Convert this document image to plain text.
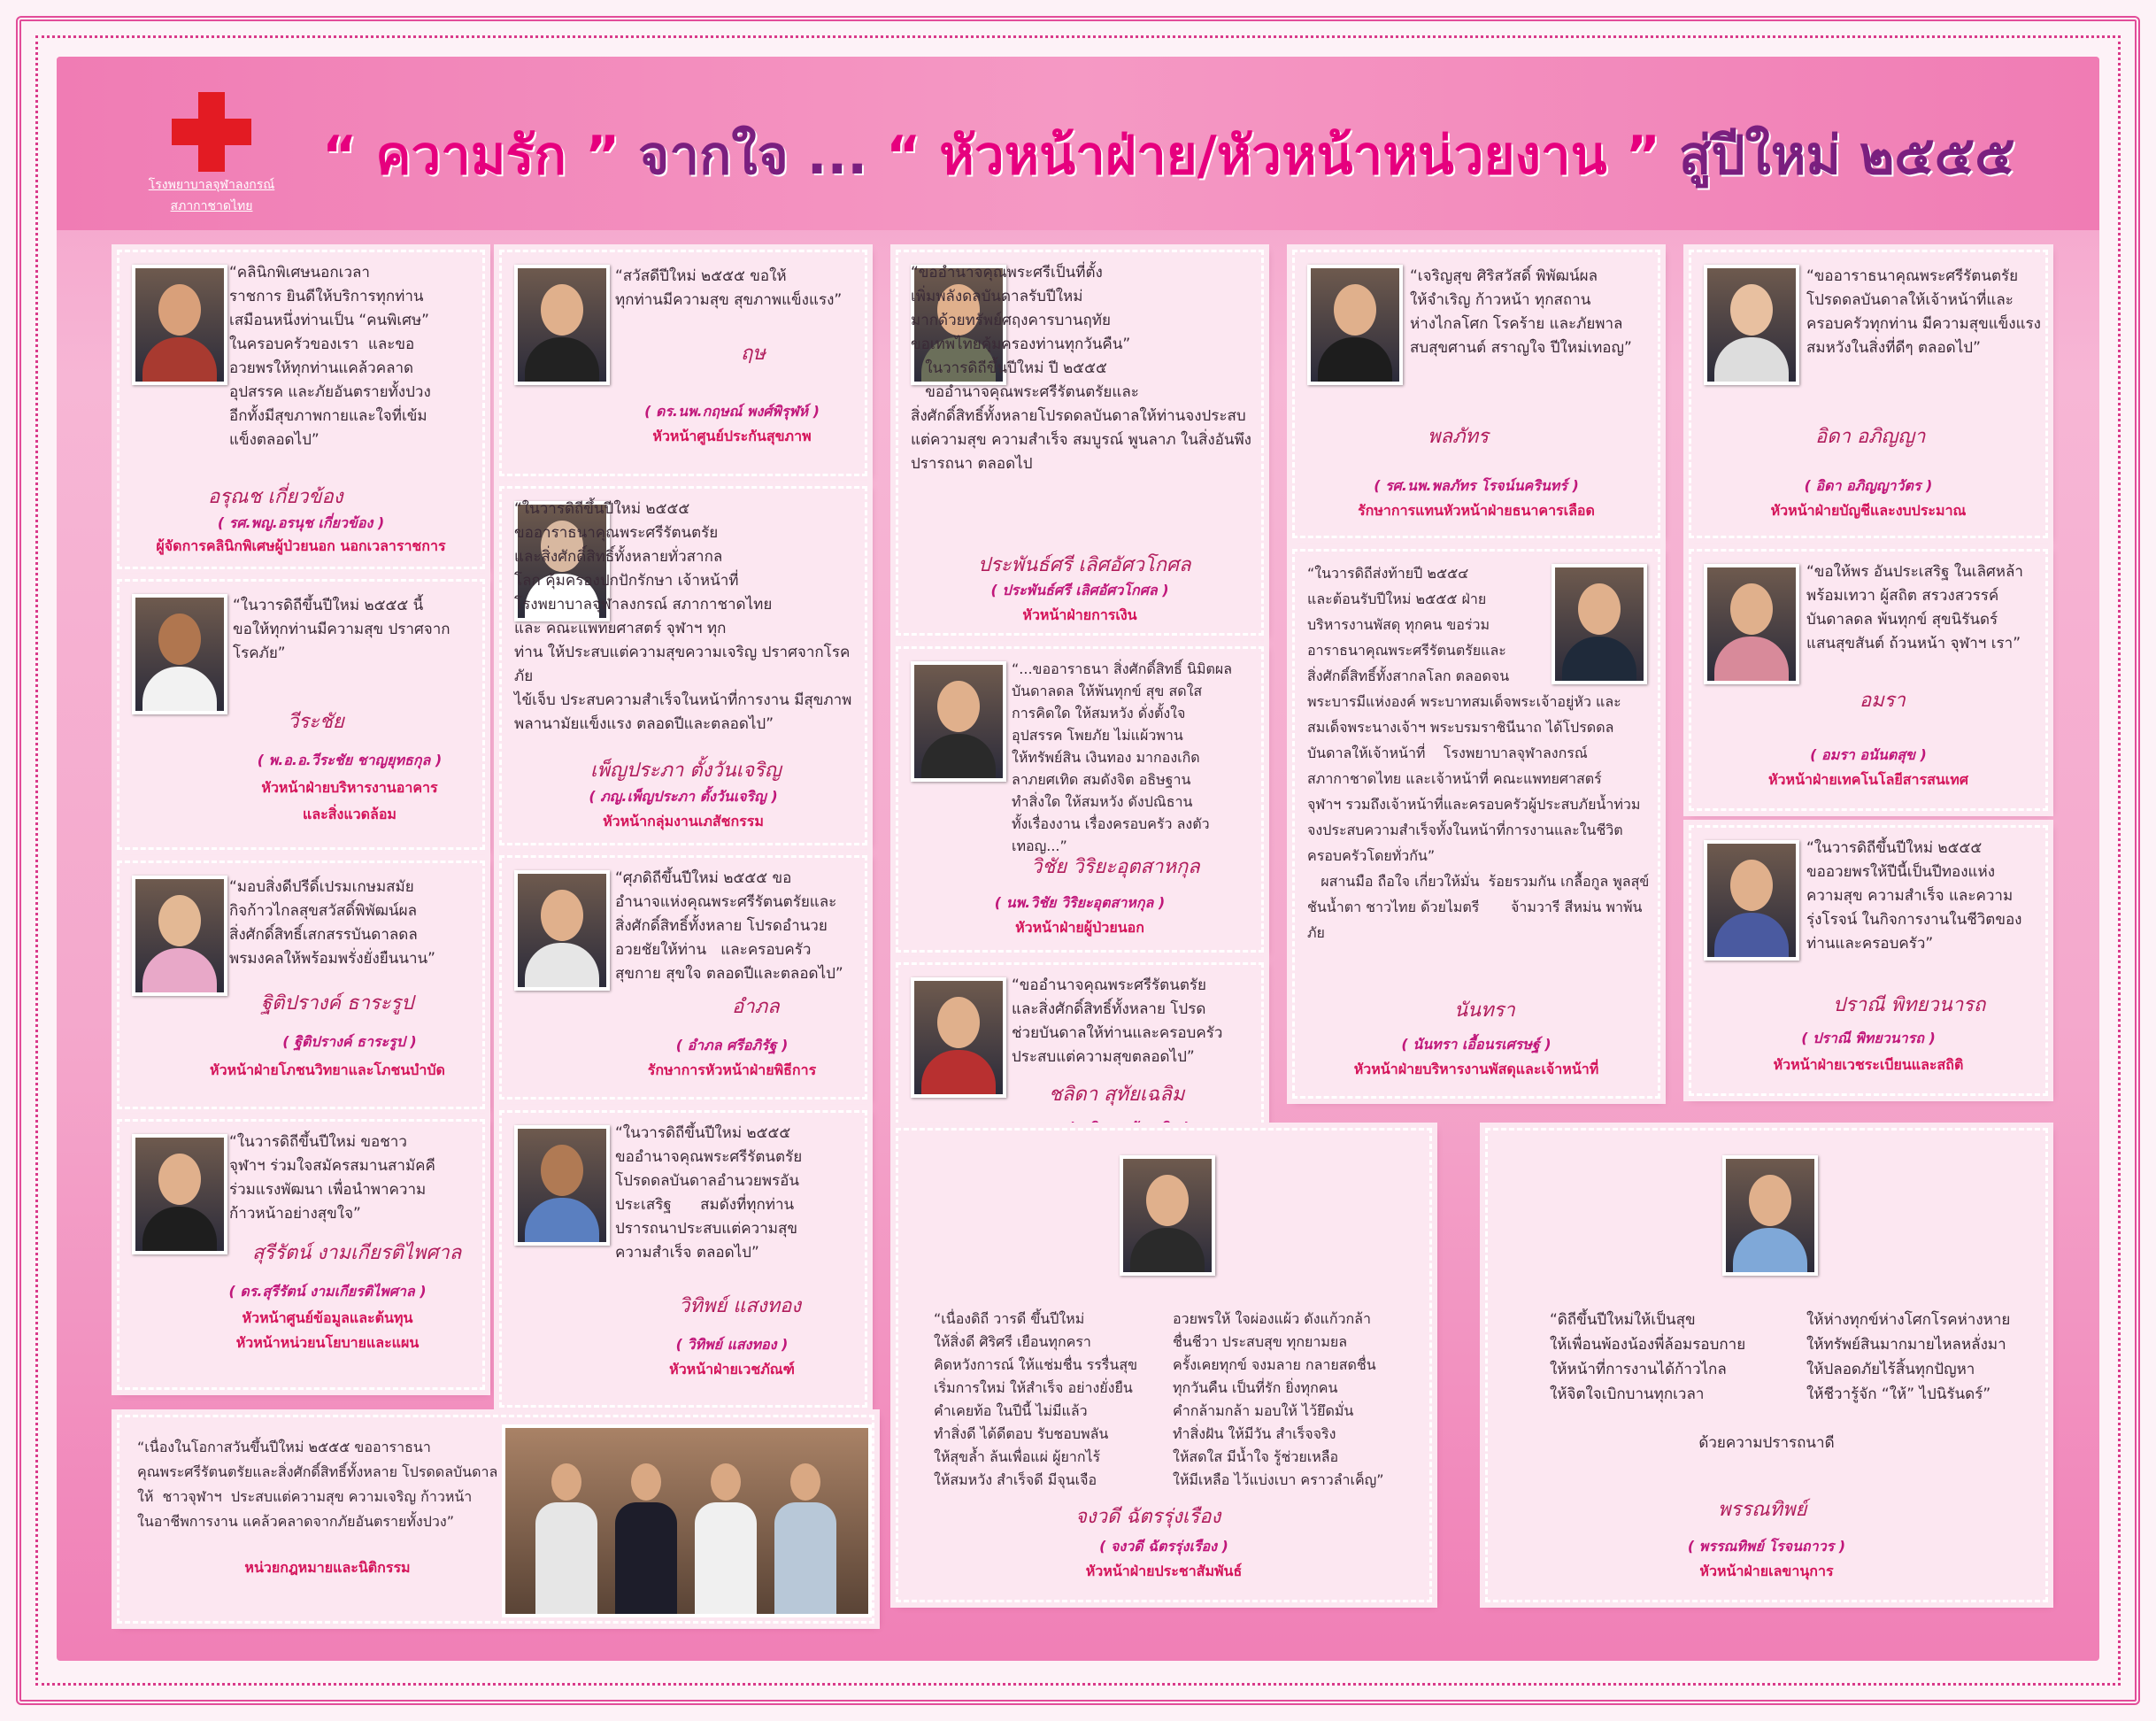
โรงพยาบาลจุฬาลงกรณ์
สภากาชาดไทย
“ ความรัก ” จากใจ ... “ หัวหน้าฝ่าย/หัวหน้าหน่วยงาน ” สู่ปีใหม่ ๒๕๕๕
“คลินิกพิเศษนอกเวลา
ราชการ ยินดีให้บริการทุกท่าน
เสมือนหนึ่งท่านเป็น “คนพิเศษ”
ในครอบครัวของเรา  และขอ
อวยพรให้ทุกท่านแคล้วคลาด
อุปสรรค และภัยอันตรายทั้งปวง
อีกทั้งมีสุขภาพกายและใจที่เข้ม
แข็งตลอดไป”
อรุณช เกี่ยวข้อง
( รศ.พญ.อรนุช เกี่ยวข้อง )
ผู้จัดการคลินิกพิเศษผู้ป่วยนอก นอกเวลาราชการ
“สวัสดีปีใหม่ ๒๕๕๕ ขอให้
ทุกท่านมีความสุข สุขภาพแข็งแรง”
ฤษ
( ดร.นพ.กฤษณ์ พงศ์พิรุฬห์ )
หัวหน้าศูนย์ประกันสุขภาพ
“ขออำนาจคุณพระศรีเป็นที่ตั้ง
เพิ่มพลังดลบันดาลรับปีใหม่
มากด้วยทรัพย์ศฤงคารบานฤทัย
ขอเทพไทยคุ้มครองท่านทุกวันคืน”
ในวารดิถีขึ้นปีใหม่ ปี ๒๕๕๕
ขออำนาจคุณพระศรีรัตนตรัยและ
สิ่งศักดิ์สิทธิ์ทั้งหลายโปรดดลบันดาลให้ท่านจงประสบ
แต่ความสุข ความสำเร็จ สมบูรณ์ พูนลาภ ในสิ่งอันพึง
ปรารถนา ตลอดไป
ประพันธ์ศรี เลิศอัศวโกศล
( ประพันธ์ศรี เลิศอัศวโกศล )
หัวหน้าฝ่ายการเงิน
“เจริญสุข ศิริสวัสดิ์ พิพัฒน์ผล
ให้จำเริญ ก้าวหน้า ทุกสถาน
ห่างไกลโศก โรคร้าย และภัยพาล
สบสุขศานต์ สราญใจ ปีใหม่เทอญ”
พลภัทร
( รศ.นพ.พลภัทร โรจน์นครินทร์ )
รักษาการแทนหัวหน้าฝ่ายธนาคารเลือด
“ขออาราธนาคุณพระศรีรัตนตรัย
โปรดดลบันดาลให้เจ้าหน้าที่และ
ครอบครัวทุกท่าน มีความสุขแข็งแรง
สมหวังในสิ่งที่ดีๆ ตลอดไป”
อิดา อภิญญา
( อิดา อภิญญาวัตร )
หัวหน้าฝ่ายบัญชีและงบประมาณ
“ในวารดิถีขึ้นปีใหม่ ๒๕๕๕ นี้
ขอให้ทุกท่านมีความสุข ปราศจาก
โรคภัย”
วีระชัย
( พ.อ.อ.วีระชัย ชาญยุทธกุล )
หัวหน้าฝ่ายบริหารงานอาคาร
และสิ่งแวดล้อม
“ในวารดิถีขึ้นปีใหม่ ๒๕๕๕
ขออาราธนาคุณพระศรีรัตนตรัย
และสิ่งศักดิ์สิทธิ์ทั้งหลายทั่วสากล
โลก คุ้มครองปกปักรักษา เจ้าหน้าที่
โรงพยาบาลจุฬาลงกรณ์ สภากาชาดไทย
และ คณะแพทยศาสตร์ จุฬาฯ ทุก
ท่าน ให้ประสบแต่ความสุขความเจริญ ปราศจากโรคภัย
ไข้เจ็บ ประสบความสำเร็จในหน้าที่การงาน มีสุขภาพ
พลานามัยแข็งแรง ตลอดปีและตลอดไป”
เพ็ญประภา ตั้งวันเจริญ
( ภญ.เพ็ญประภา ตั้งวันเจริญ )
หัวหน้ากลุ่มงานเภสัชกรรม
“...ขออาราธนา สิ่งศักดิ์สิทธิ์ นิมิตผล
บันดาลดล ให้พ้นทุกข์ สุข สดใส
การคิดใด ให้สมหวัง ดั่งตั้งใจ
อุปสรรค โพยภัย ไม่แผ้วพาน
ให้ทรัพย์สิน เงินทอง มากองเกิด
ลาภยศเทิด สมดังจิต อธิษฐาน
ทำสิ่งใด ให้สมหวัง ดังปณิธาน
ทั้งเรื่องงาน เรื่องครอบครัว ลงตัวเทอญ...”
วิชัย วิริยะอุตสาหกุล
( นพ.วิชัย วิริยะอุตสาหกุล )
หัวหน้าฝ่ายผู้ป่วยนอก
“ในวารดิถีส่งท้ายปี ๒๕๕๔
และต้อนรับปีใหม่ ๒๕๕๕ ฝ่าย
บริหารงานพัสดุ ทุกคน ขอร่วม
อาราธนาคุณพระศรีรัตนตรัยและ
สิ่งศักดิ์สิทธิ์ทั้งสากลโลก ตลอดจน
พระบารมีแห่งองค์ พระบาทสมเด็จพระเจ้าอยู่หัว และ
สมเด็จพระนางเจ้าฯ พระบรมราชินีนาถ ได้โปรดดล
บันดาลให้เจ้าหน้าที่    โรงพยาบาลจุฬาลงกรณ์
สภากาชาดไทย และเจ้าหน้าที่ คณะแพทยศาสตร์
จุฬาฯ รวมถึงเจ้าหน้าที่และครอบครัวผู้ประสบภัยน้ำท่วม
จงประสบความสำเร็จทั้งในหน้าที่การงานและในชีวิต
ครอบครัวโดยทั่วกัน”
ผสานมือ ถือใจ เกี่ยวให้มั่น  ร้อยรวมกัน เกลื้อกูล พูลสุข์
ชันน้ำตา ชาวไทย ด้วยไมตรี       จ้ามวารี สีหม่น พาพ้นภัย
นันทรา
( นันทรา เอื้อนรเศรษฐ์ )
หัวหน้าฝ่ายบริหารงานพัสดุและเจ้าหน้าที่
“ขอให้พร อันประเสริฐ ในเลิศหล้า
พร้อมเทวา ผู้สถิต สรวงสวรรค์
บันดาลดล พ้นทุกข์ สุขนิรันดร์
แสนสุขสันต์ ถ้วนหน้า จุฬาฯ เรา”
อมรา
( อมรา อนันตสุข )
หัวหน้าฝ่ายเทคโนโลยีสารสนเทศ
“มอบสิ่งดีปรีดิ์เปรมเกษมสมัย
กิจก้าวไกลสุขสวัสดิ์พิพัฒน์ผล
สิ่งศักดิ์สิทธิ์เสกสรรบันดาลดล
พรมงคลให้พร้อมพรั่งยั่งยืนนาน”
ฐิติปรางค์ ธาระรูป
( ฐิติปรางค์ ธาระรูป )
หัวหน้าฝ่ายโภชนวิทยาและโภชนบำบัด
“ศุภดิถีขึ้นปีใหม่ ๒๕๕๕ ขอ
อำนาจแห่งคุณพระศรีรัตนตรัยและ
สิ่งศักดิ์สิทธิ์ทั้งหลาย โปรดอำนวย
อวยชัยให้ท่าน   และครอบครัว
สุขกาย สุขใจ ตลอดปีและตลอดไป”
อำภล
( อำภล ศรีอภิรัฐ )
รักษาการหัวหน้าฝ่ายพิธีการ
“ขออำนาจคุณพระศรีรัตนตรัย
และสิ่งศักดิ์สิทธิ์ทั้งหลาย โปรด
ช่วยบันดาลให้ท่านและครอบครัว
ประสบแต่ความสุขตลอดไป”
ชลิดา สุทัยเฉลิม
“ในวารดิถีขึ้นปีใหม่ ๒๕๕๕
ขออวยพรให้ปีนี้เป็นปีทองแห่ง
ความสุข ความสำเร็จ และความ
รุ่งโรจน์ ในกิจการงานในชีวิตของ
ท่านและครอบครัว”
ปราณี พิทยวนารถ
( ปราณี พิทยวนารถ )
หัวหน้าฝ่ายเวชระเบียนและสถิติ
“ในวารดิถีขึ้นปีใหม่ ขอชาว
จุฬาฯ ร่วมใจสมัครสมานสามัคคี
ร่วมแรงพัฒนา เพื่อนำพาความ
ก้าวหน้าอย่างสุขใจ”
สุรีรัตน์ งามเกียรติไพศาล
( ดร.สุรีรัตน์ งามเกียรติไพศาล )
หัวหน้าศูนย์ข้อมูลและต้นทุน
หัวหน้าหน่วยนโยบายและแผน
“ในวารดิถีขึ้นปีใหม่ ๒๕๕๕
ขออำนาจคุณพระศรีรัตนตรัย
โปรดดลบันดาลอำนวยพรอัน
ประเสริฐ      สมดังที่ทุกท่าน
ปรารถนาประสบแต่ความสุข
ความสำเร็จ ตลอดไป”
วิทิพย์ แสงทอง
( วิทิพย์ แสงทอง )
หัวหน้าฝ่ายเวชภัณฑ์
“เนื่องดิถี วารดี ขึ้นปีใหม่
ให้สิ่งดี ศิริศรี เยือนทุกครา
คิดหวังการณ์ ให้แช่มชื่น รรรื่นสุข
เริ่มการใหม่ ให้สำเร็จ อย่างยั่งยืน
คำเคยท้อ ในปีนี้ ไม่มีแล้ว
ทำสิ่งดี ได้ดีตอบ รับชอบพลัน
ให้สุขล้ำ ล้นเพื่อแผ่ ผู้ยากไร้
ให้สมหวัง สำเร็จดี มีจุนเจือ
อวยพรให้ ใจผ่องแผ้ว ดังแก้วกล้า
ชื่นชีวา ประสบสุข ทุกยามยล
ครั้งเคยทุกข์ จงมลาย กลายสดชื่น
ทุกวันคืน เป็นที่รัก ยิ่งทุกคน
คำกล้ามกล้า มอบให้ ไว้ยึดมั่น
ทำสิ่งฝัน ให้มีวัน สำเร็จจริง
ให้สดใส มีน้ำใจ รู้ช่วยเหลือ
ให้มีเหลือ ไว้แบ่งเบา คราวลำเค็ญ”
จงวดี ฉัตรรุ่งเรือง
( จงวดี ฉัตรรุ่งเรือง )
หัวหน้าฝ่ายประชาสัมพันธ์
“ดิถีขึ้นปีใหม่ให้เป็นสุข
ให้เพื่อนพ้องน้องพี่ล้อมรอบกาย
ให้หน้าที่การงานได้ก้าวไกล
ให้จิตใจเบิกบานทุกเวลา
ให้ห่างทุกข์ห่างโศกโรคห่างหาย
ให้ทรัพย์สินมากมายไหลหลั่งมา
ให้ปลอดภัยไร้สิ้นทุกปัญหา
ให้ชีวารู้จัก “ให้” ไปนิรันดร์”
ด้วยความปรารถนาดี
พรรณทิพย์
( พรรณทิพย์ โรจนถาวร )
หัวหน้าฝ่ายเลขานุการ
“เนื่องในโอกาสวันขึ้นปีใหม่ ๒๕๕๕ ขออาราธนา
คุณพระศรีรัตนตรัยและสิ่งศักดิ์สิทธิ์ทั้งหลาย โปรดดลบันดาล
ให้  ชาวจุฬาฯ  ประสบแต่ความสุข ความเจริญ ก้าวหน้า
ในอาชีพการงาน แคล้วคลาดจากภัยอันตรายทั้งปวง”
หน่วยกฎหมายและนิติกรรม
